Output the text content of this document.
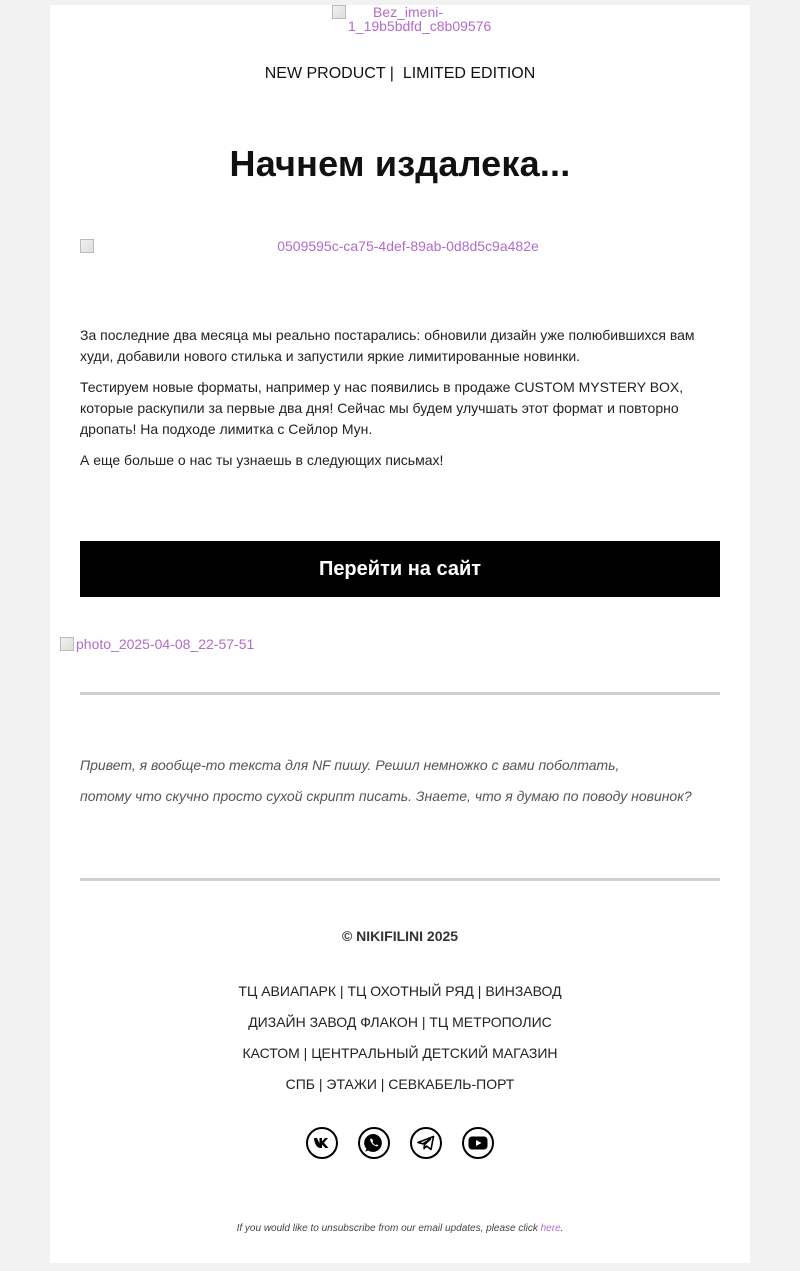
Bez_imeni-1_19b5bdfd_c8b09576
NEW PRODUCT | LIMITED EDITION
Начнем издалека...
0509595c-ca75-4def-89ab-0d8d5c9a482e

За последние два месяца мы реально постарались: обновили дизайн уже полюбившихся вам худи, добавили нового стилька и запустили яркие лимитированные новинки.

Тестируем новые форматы, например у нас появились в продаже CUSTOM MYSTERY BOX, которые раскупили за первые два дня! Сейчас мы будем улучшать этот формат и повторно дропать! На подходе лимитка с Сейлор Мун.

А еще больше о нас ты узнаешь в следующих письмах!

Перейти на сайт
photo_2025-04-08_22-57-51

Привет, я вообще-то текста для NF пишу. Решил немножко с вами поболтать,

потому что скучно просто сухой скрипт писать. Знаете, что я думаю по поводу новинок?

© NIKIFILINI 2025
ТЦ АВИАПАРК | ТЦ ОХОТНЫЙ РЯД | ВИНЗАВОД
ДИЗАЙН ЗАВОД ФЛАКОН | ТЦ МЕТРОПОЛИС
КАСТОМ | ЦЕНТРАЛЬНЫЙ ДЕТСКИЙ МАГАЗИН
СПБ | ЭТАЖИ | СЕВКАБЕЛЬ-ПОРТ
If you would like to unsubscribe from our email updates, please click here.
